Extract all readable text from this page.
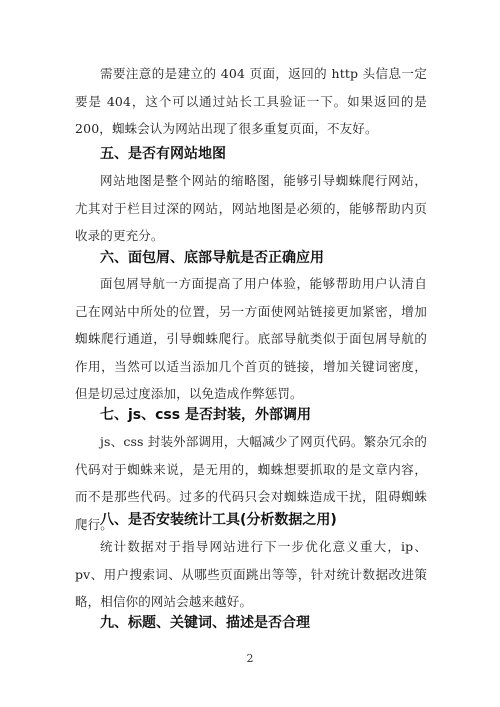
需要注意的是建立的 404 页面，返回的 http 头信息一定要是 404，这个可以通过站长工具验证一下。如果返回的是 200，蜘蛛会认为网站出现了很多重复页面，不友好。

五、是否有网站地图

网站地图是整个网站的缩略图，能够引导蜘蛛爬行网站，尤其对于栏目过深的网站，网站地图是必须的，能够帮助内页收录的更充分。

六、面包屑、底部导航是否正确应用

面包屑导航一方面提高了用户体验，能够帮助用户认清自己在网站中所处的位置，另一方面使网站链接更加紧密，增加蜘蛛爬行通道，引导蜘蛛爬行。底部导航类似于面包屑导航的作用，当然可以适当添加几个首页的链接，增加关键词密度，但是切忌过度添加，以免造成作弊惩罚。

七、js、css 是否封装，外部调用

js、css 封装外部调用，大幅减少了网页代码。繁杂冗余的代码对于蜘蛛来说，是无用的，蜘蛛想要抓取的是文章内容，而不是那些代码。过多的代码只会对蜘蛛造成干扰，阻碍蜘蛛爬行。

八、是否安装统计工具(分析数据之用)

统计数据对于指导网站进行下一步优化意义重大，ip、pv、用户搜索词、从哪些页面跳出等等，针对统计数据改进策略，相信你的网站会越来越好。

九、标题、关键词、描述是否合理
2
